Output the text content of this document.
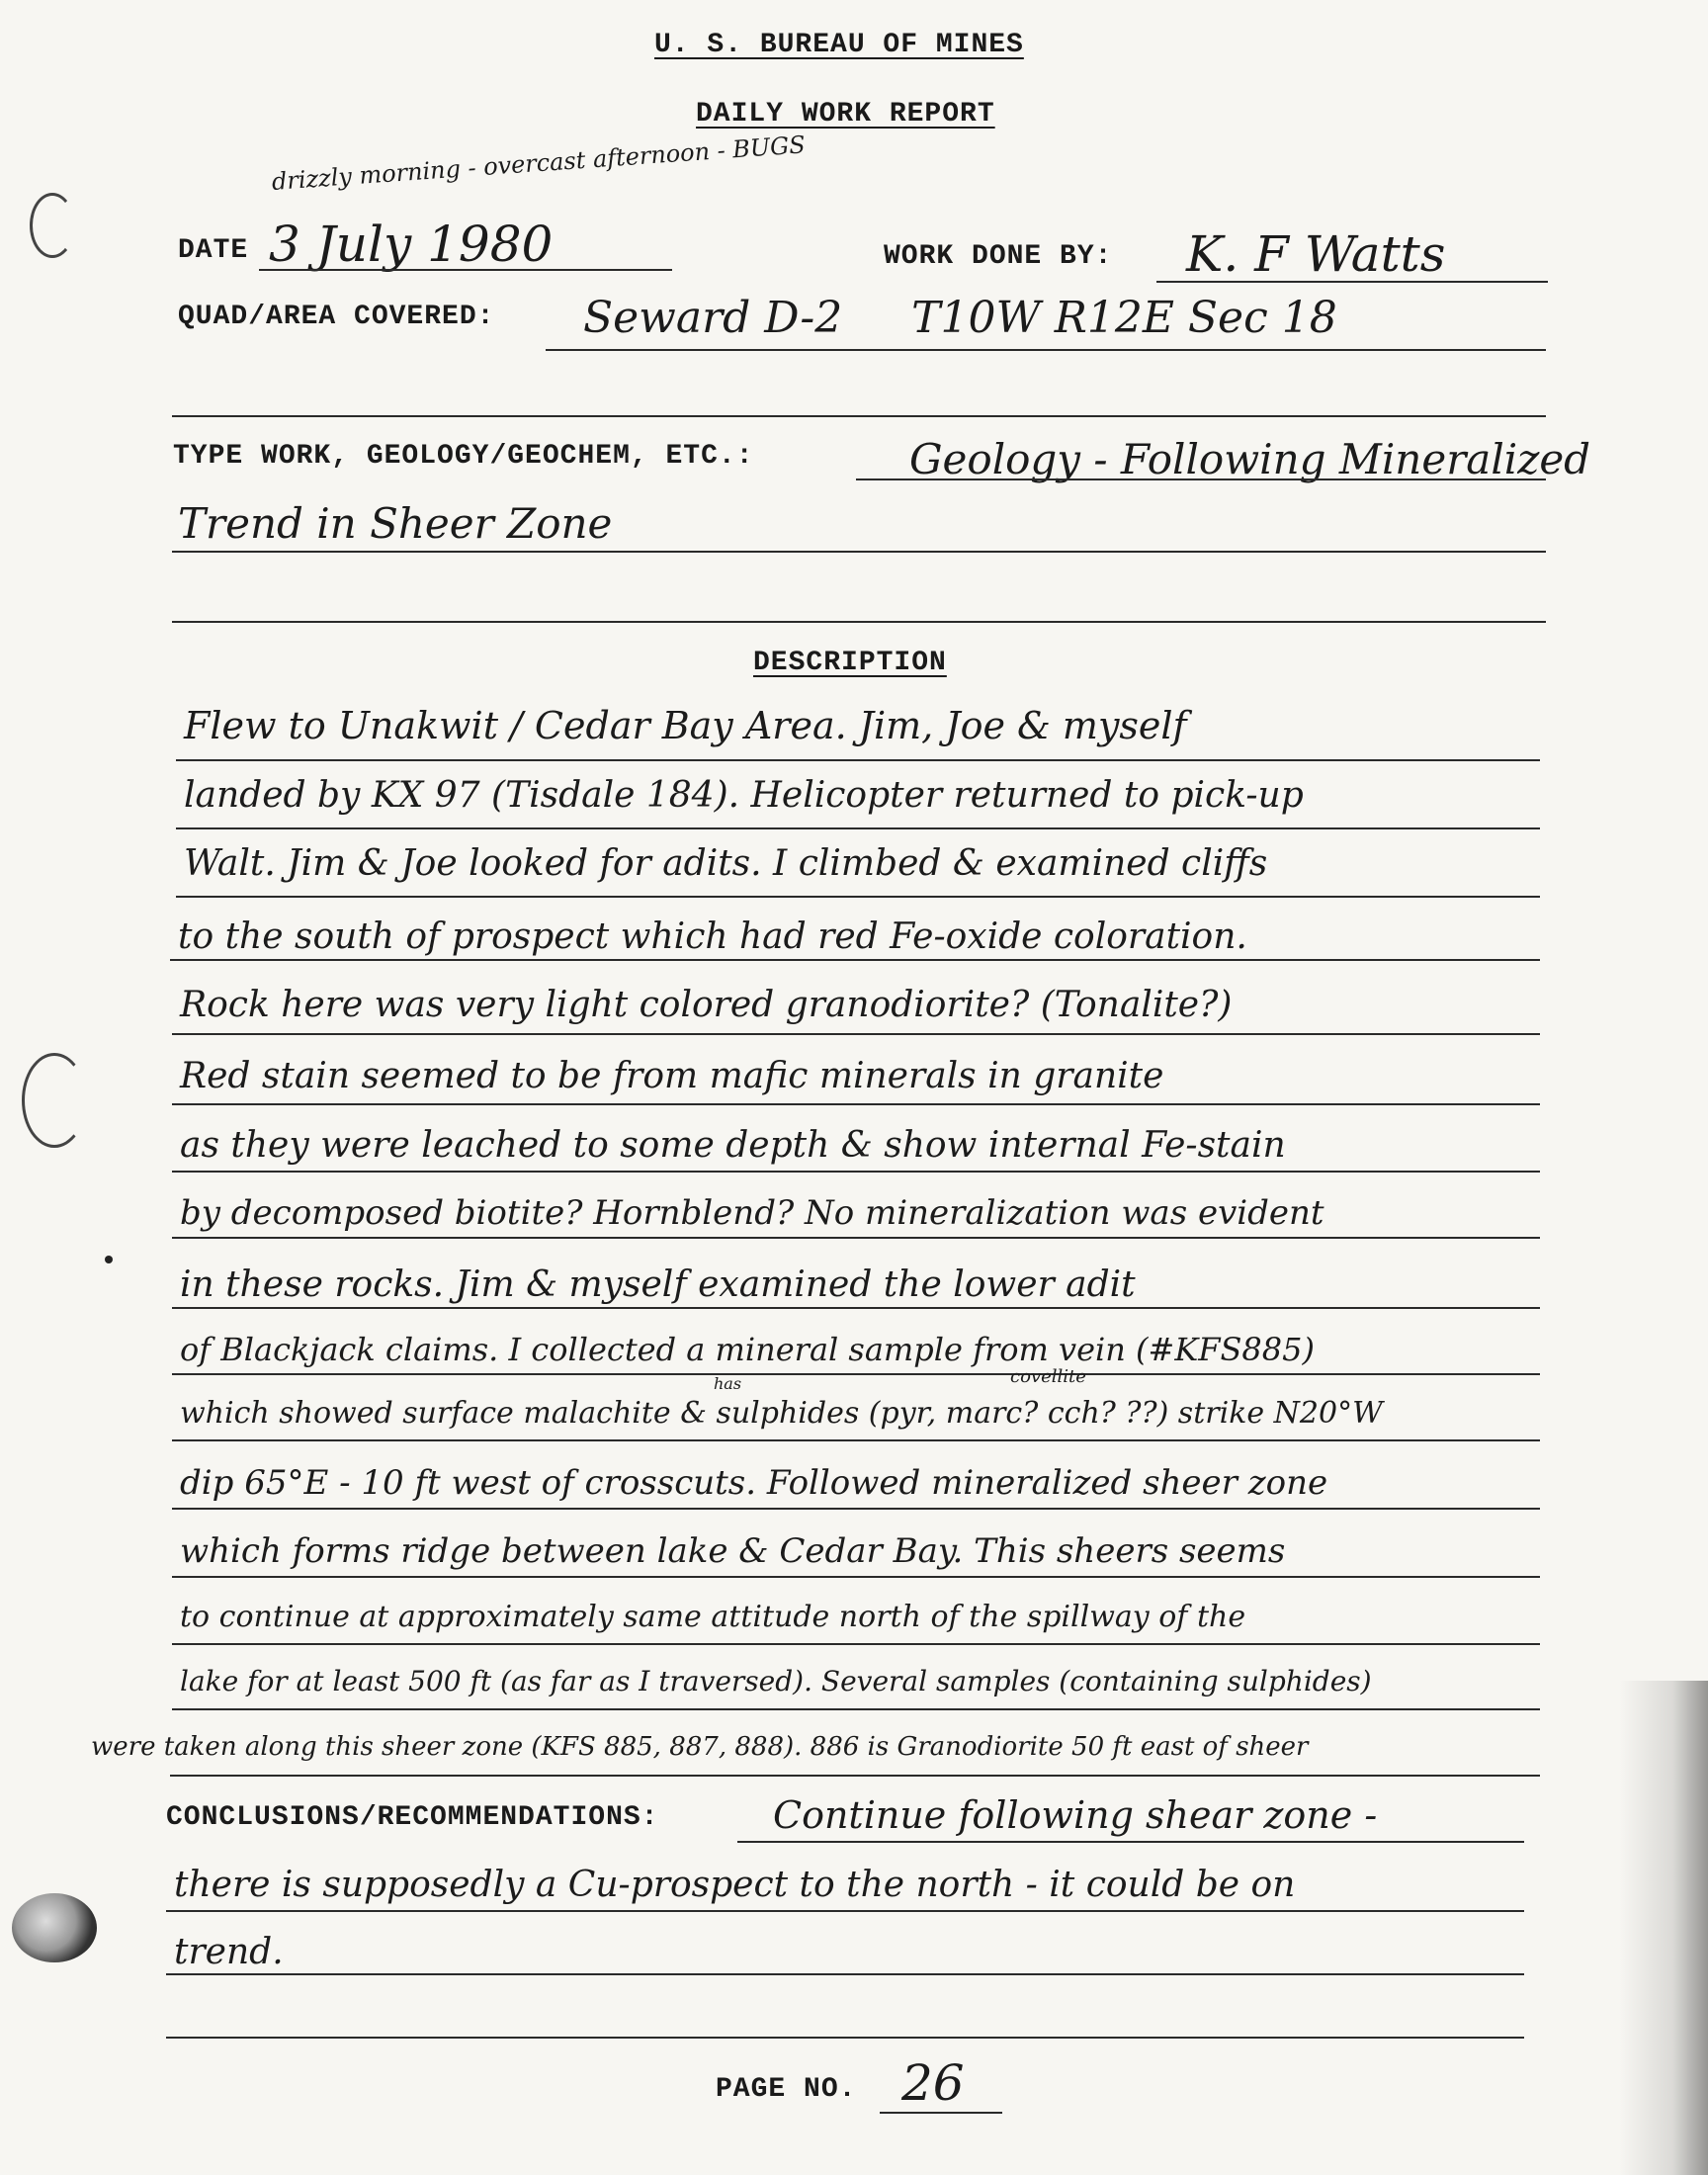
U. S. BUREAU OF MINES
DAILY WORK REPORT
drizzly morning - overcast afternoon - BUGS
DATE 3 July 1980	WORK DONE BY: K. F Watts
QUAD/AREA COVERED: Seward D-2     T10W R12E Sec 18
TYPE WORK, GEOLOGY/GEOCHEM, ETC.:	Geology - Following Mineralized
Trend in Sheer Zone
DESCRIPTION
Flew to Unakwit / Cedar Bay Area. Jim, Joe & myself
landed by KX 97 (Tisdale 184). Helicopter returned to pick-up
Walt. Jim & Joe looked for adits. I climbed & examined cliffs
to the south of prospect which had red Fe-oxide coloration.
Rock here was very light colored granodiorite? (Tonalite?)
Red stain seemed to be from mafic minerals in granite
as they were leached to some depth & show internal Fe-stain
by decomposed biotite? Hornblend? No mineralization was evident
in these rocks. Jim & myself examined the lower adit
of Blackjack claims. I collected a mineral sample from vein (#KFS885)
has	covellite
which showed surface malachite & sulphides (pyr, marc? cch? ??) strike N20°W
dip 65°E - 10 ft west of crosscuts. Followed mineralized sheer zone
which forms ridge between lake & Cedar Bay. This sheers seems
to continue at approximately same attitude north of the spillway of the
lake for at least 500 ft (as far as I traversed). Several samples (containing sulphides)
were taken along this sheer zone (KFS 885, 887, 888). 886 is Granodiorite 50 ft east of sheer
CONCLUSIONS/RECOMMENDATIONS:	Continue following shear zone -
there is supposedly a Cu-prospect to the north - it could be on
trend.
PAGE NO. 26
